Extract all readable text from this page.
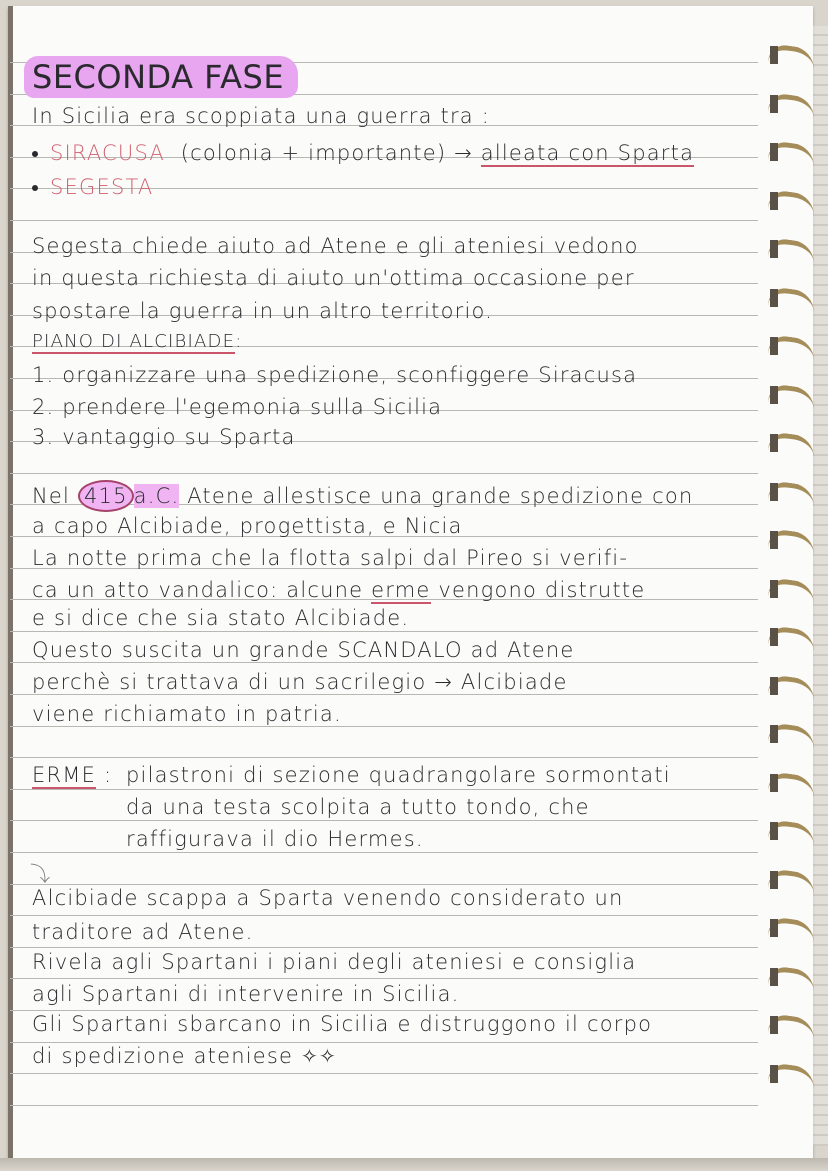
SECONDA FASE
In Sicilia era scoppiata una guerra tra :
SIRACUSA (colonia + importante) → alleata con Sparta
SEGESTA
Segesta chiede aiuto ad Atene e gli ateniesi vedono
in questa richiesta di aiuto un'ottima occasione per
spostare la guerra in un altro territorio.
PIANO DI ALCIBIADE:
1. organizzare una spedizione, sconfiggere Siracusa
2. prendere l'egemonia sulla Sicilia
3. vantaggio su Sparta
Nel 415 a.C. Atene allestisce una grande spedizione con
a capo Alcibiade, progettista, e Nicia
La notte prima che la flotta salpi dal Pireo si verifi-
ca un atto vandalico: alcune erme vengono distrutte
e si dice che sia stato Alcibiade.
Questo suscita un grande SCANDALO ad Atene
perchè si trattava di un sacrilegio → Alcibiade
viene richiamato in patria.
ERME : pilastroni di sezione quadrangolare sormontati
da una testa scolpita a tutto tondo, che
raffigurava il dio Hermes.
⤵
Alcibiade scappa a Sparta venendo considerato un
traditore ad Atene.
Rivela agli Spartani i piani degli ateniesi e consiglia
agli Spartani di intervenire in Sicilia.
Gli Spartani sbarcano in Sicilia e distruggono il corpo
di spedizione ateniese ✧✧
